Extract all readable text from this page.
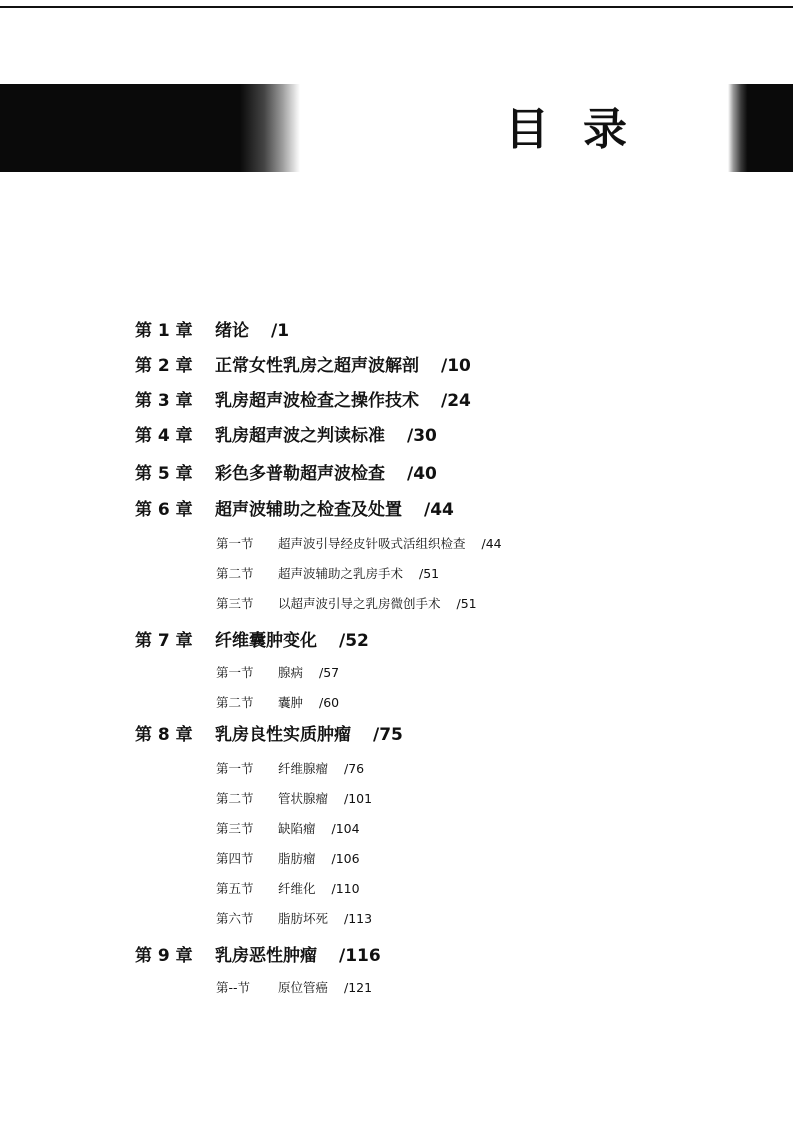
目录
第 1 章 绪论 /1
第 2 章 正常女性乳房之超声波解剖 /10
第 3 章 乳房超声波检查之操作技术 /24
第 4 章 乳房超声波之判读标准 /30
第 5 章 彩色多普勒超声波检查 /40
第 6 章 超声波辅助之检查及处置 /44
第一节 超声波引导经皮针吸式活组织检查 /44
第二节 超声波辅助之乳房手术 /51
第三节 以超声波引导之乳房微创手术 /51
第 7 章 纤维囊肿变化 /52
第一节 腺病 /57
第二节 囊肿 /60
第 8 章 乳房良性实质肿瘤 /75
第一节 纤维腺瘤 /76
第二节 管状腺瘤 /101
第三节 缺陷瘤 /104
第四节 脂肪瘤 /106
第五节 纤维化 /110
第六节 脂肪坏死 /113
第 9 章 乳房恶性肿瘤 /116
第--节 原位管癌 /121
